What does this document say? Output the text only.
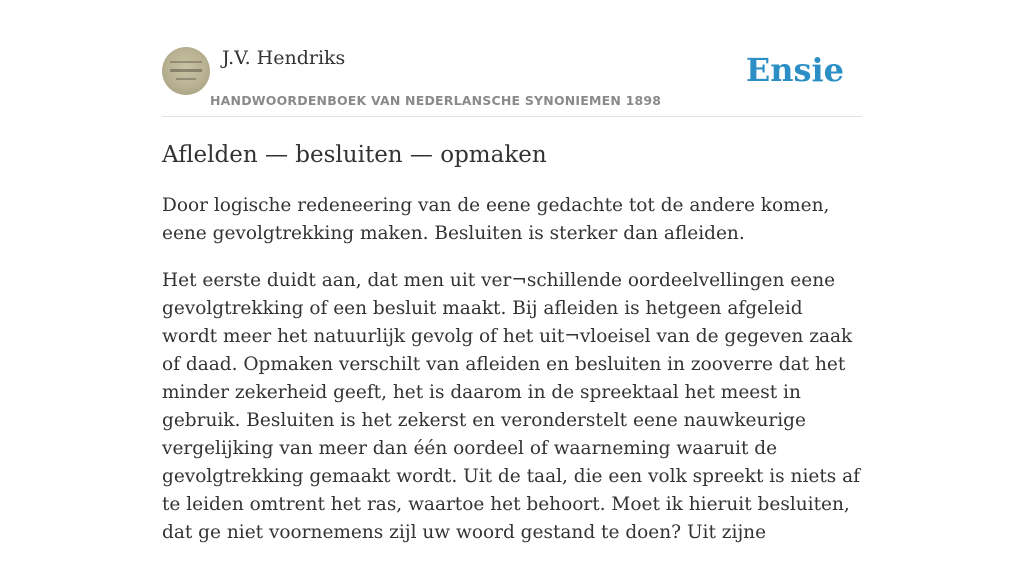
J.V. Hendriks
HANDWOORDENBOEK VAN NEDERLANSCHE SYNONIEMEN 1898
Ensie
Aflelden — besluiten — opmaken

Door logische redeneering van de eene gedachte tot de andere komen, eene gevolgtrekking maken. Besluiten is sterker dan afleiden.

Het eerste duidt aan, dat men uit ver¬schillende oordeelvellingen eene gevolgtrekking of een besluit maakt. Bij afleiden is hetgeen afgeleid wordt meer het natuurlijk gevolg of het uit¬vloeisel van de gegeven zaak of daad. Opmaken verschilt van afleiden en besluiten in zooverre dat het minder zekerheid geeft, het is daarom in de spreektaal het meest in gebruik. Besluiten is het zekerst en veronderstelt eene nauwkeurige vergelijking van meer dan één oordeel of waarneming waaruit de gevolgtrekking gemaakt wordt. Uit de taal, die een volk spreekt is niets af te leiden omtrent het ras, waartoe het behoort. Moet ik hieruit besluiten, dat ge niet voornemens zijl uw woord gestand te doen? Uit zijne
